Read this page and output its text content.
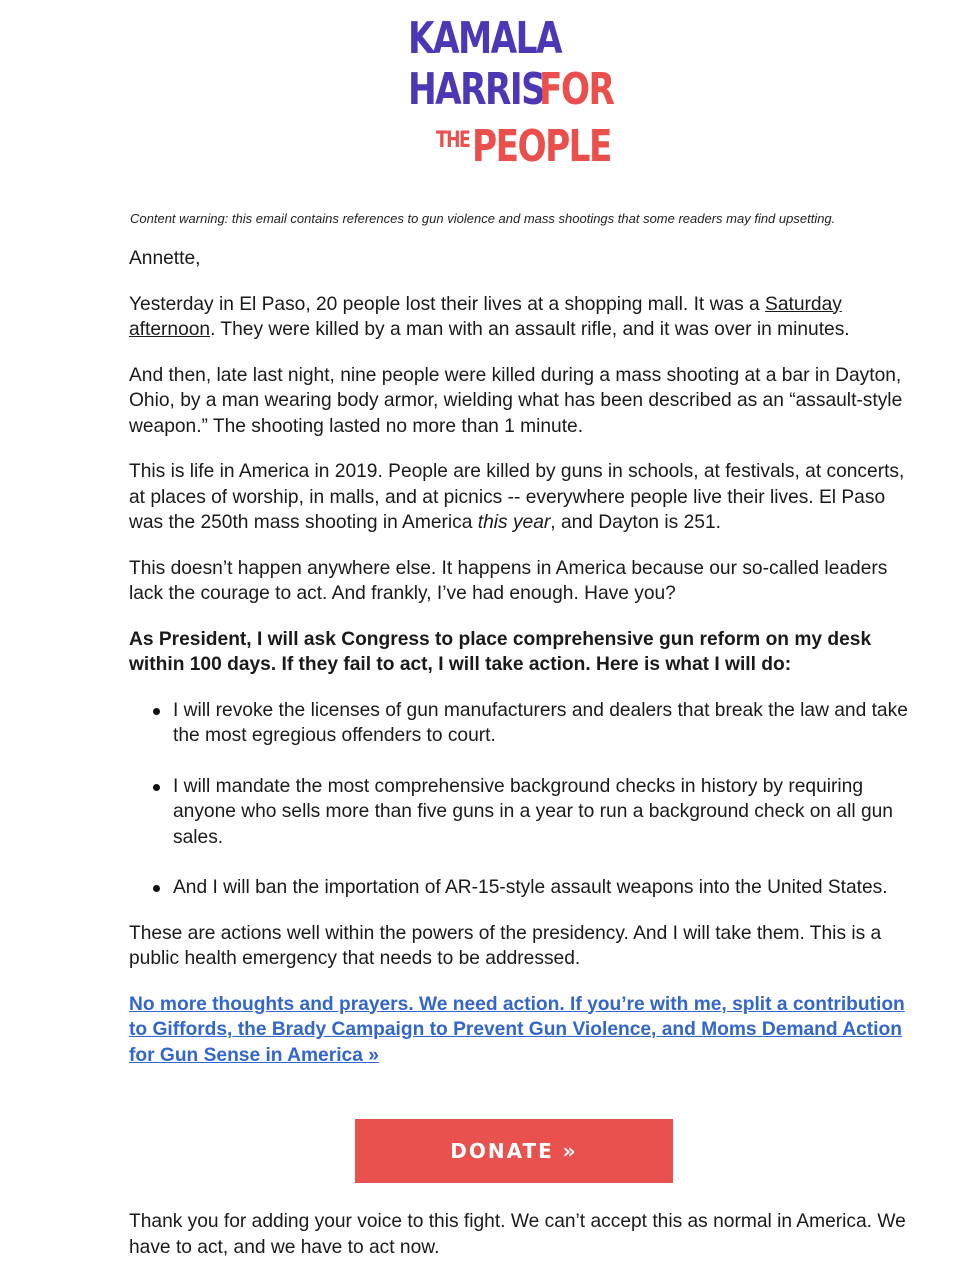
KAMALA
HARRISFOR
THEPEOPLE
Content warning: this email contains references to gun violence and mass shootings that some readers may find upsetting.

Annette,

Yesterday in El Paso, 20 people lost their lives at a shopping mall. It was a Saturday afternoon. They were killed by a man with an assault rifle, and it was over in minutes.

And then, late last night, nine people were killed during a mass shooting at a bar in Dayton, Ohio, by a man wearing body armor, wielding what has been described as an “assault-style weapon.” The shooting lasted no more than 1 minute.

This is life in America in 2019. People are killed by guns in schools, at festivals, at concerts, at places of worship, in malls, and at picnics -- everywhere people live their lives. El Paso was the 250th mass shooting in America this year, and Dayton is 251.

This doesn’t happen anywhere else. It happens in America because our so-called leaders lack the courage to act. And frankly, I’ve had enough. Have you?

As President, I will ask Congress to place comprehensive gun reform on my desk within 100 days. If they fail to act, I will take action. Here is what I will do:

I will revoke the licenses of gun manufacturers and dealers that break the law and take the most egregious offenders to court.
I will mandate the most comprehensive background checks in history by requiring anyone who sells more than five guns in a year to run a background check on all gun sales.
And I will ban the importation of AR-15-style assault weapons into the United States.

These are actions well within the powers of the presidency. And I will take them. This is a public health emergency that needs to be addressed.

No more thoughts and prayers. We need action. If you’re with me, split a contribution to Giffords, the Brady Campaign to Prevent Gun Violence, and Moms Demand Action for Gun Sense in America »

DONATE »

Thank you for adding your voice to this fight. We can’t accept this as normal in America. We have to act, and we have to act now.
